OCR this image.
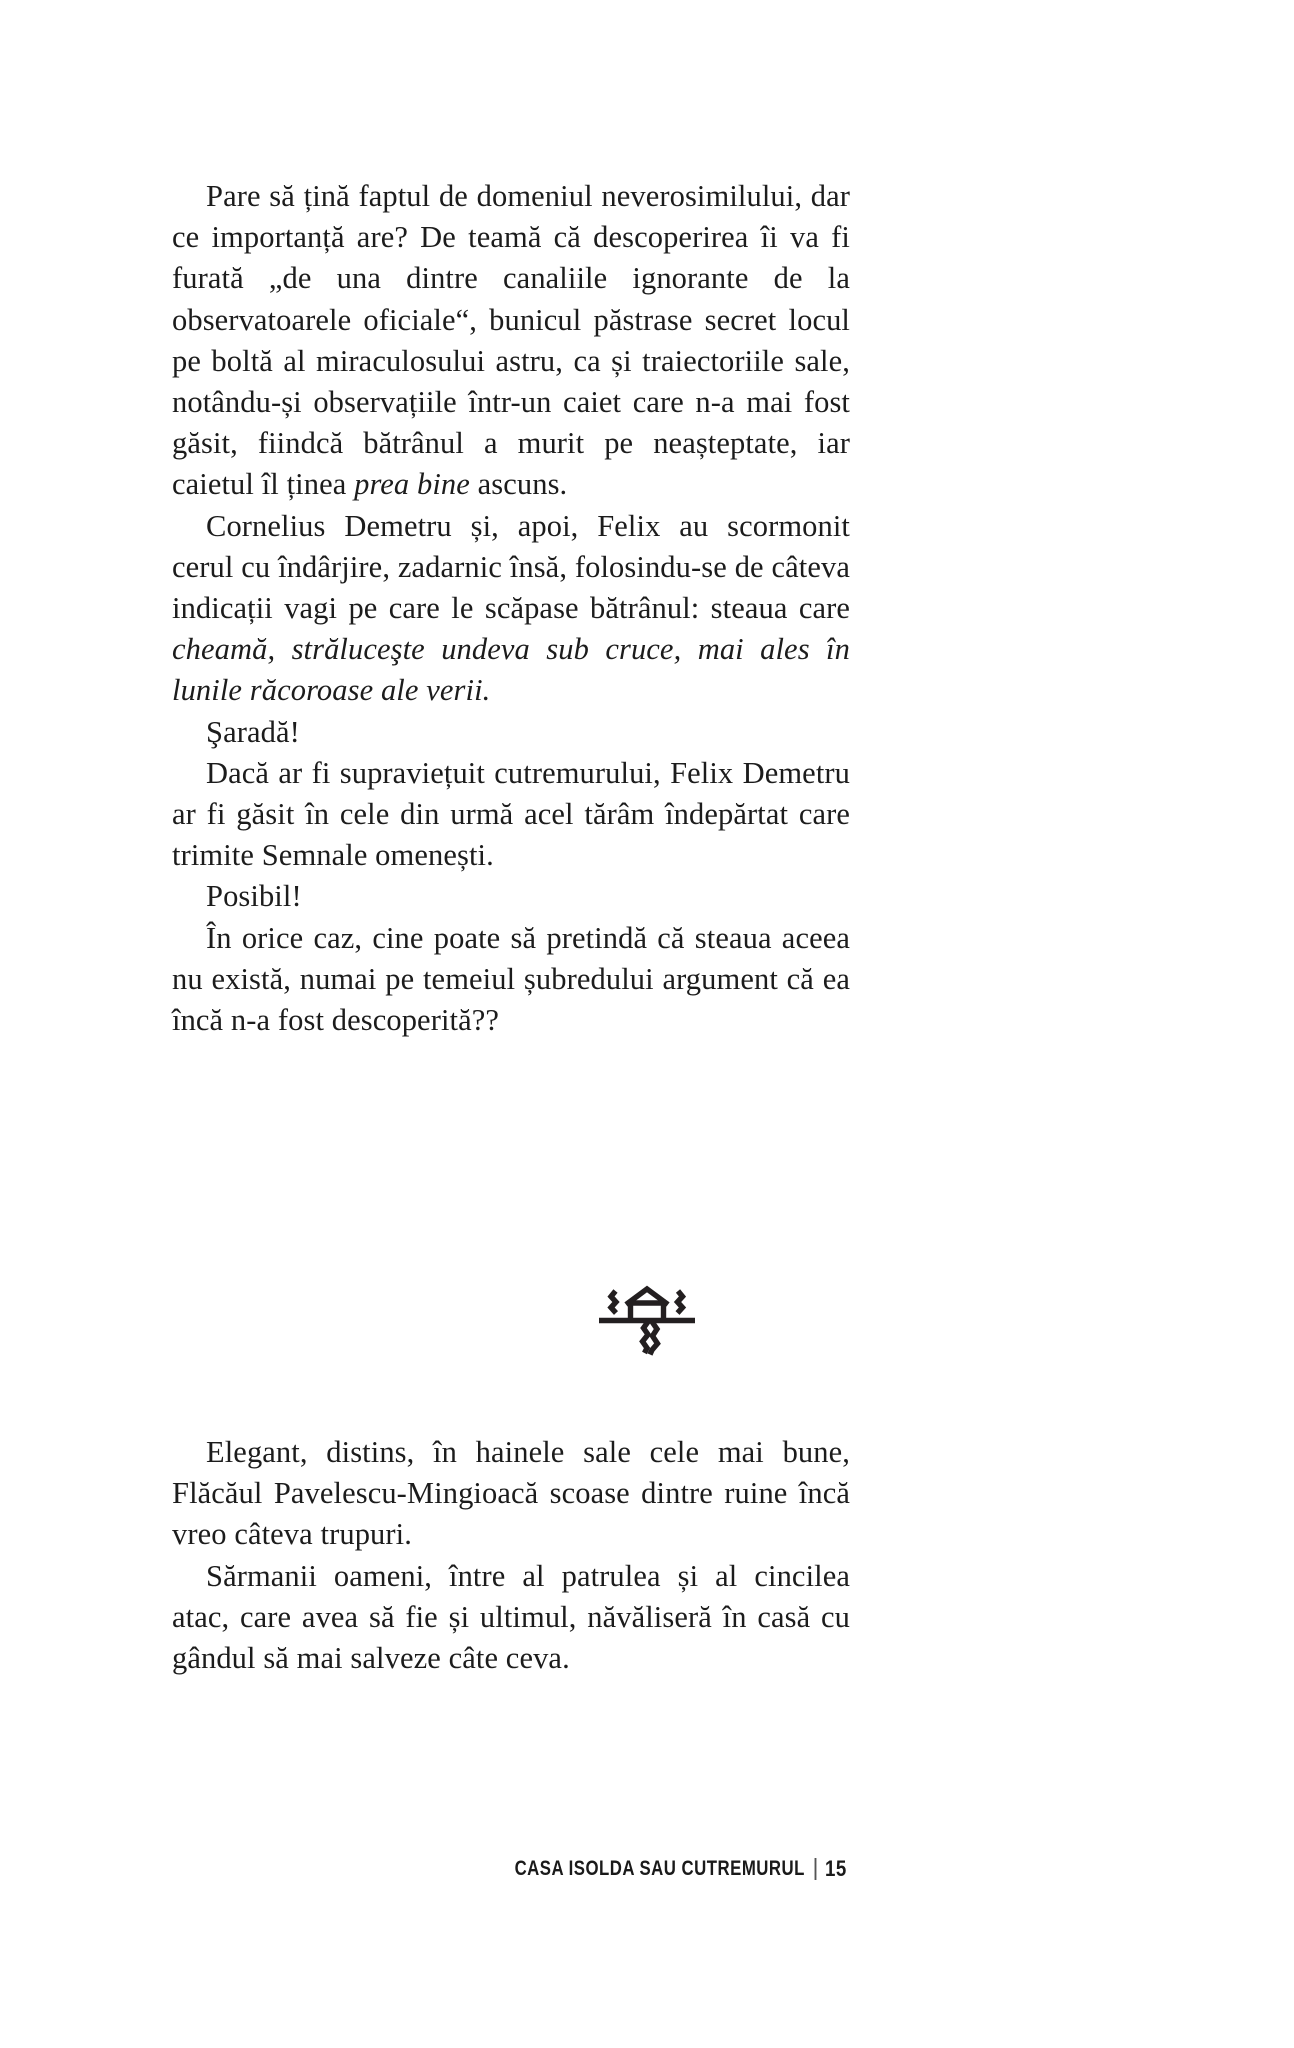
Pare să țină faptul de domeniul neverosimilului, dar ce importanță are? De teamă că descoperirea îi va fi furată „de una dintre canaliile ignorante de la observatoarele oficiale“, bunicul păstrase secret locul pe boltă al miraculosului astru, ca și traiectoriile sale, notându-și observațiile într-un caiet care n-a mai fost găsit, fiindcă bătrânul a murit pe neașteptate, iar caietul îl ținea prea bine ascuns.

Cornelius Demetru și, apoi, Felix au scormonit cerul cu îndârjire, zadarnic însă, folosindu-se de câteva indicații vagi pe care le scăpase bătrânul: steaua care cheamă, străluceşte undeva sub cruce, mai ales în lunile răcoroase ale verii.

Şaradă!

Dacă ar fi supraviețuit cutremurului, Felix Demetru ar fi găsit în cele din urmă acel tărâm îndepărtat care trimite Semnale omenești.

Posibil!

În orice caz, cine poate să pretindă că steaua aceea nu există, numai pe temeiul șubredului argument că ea încă n-a fost descoperită??

Elegant, distins, în hainele sale cele mai bune, Flăcăul Pavelescu-Mingioacă scoase dintre ruine încă vreo câteva trupuri.

Sărmanii oameni, între al patrulea și al cincilea atac, care avea să fie și ultimul, năvăliseră în casă cu gândul să mai salveze câte ceva.

CASA ISOLDA SAU CUTREMURUL | 15
